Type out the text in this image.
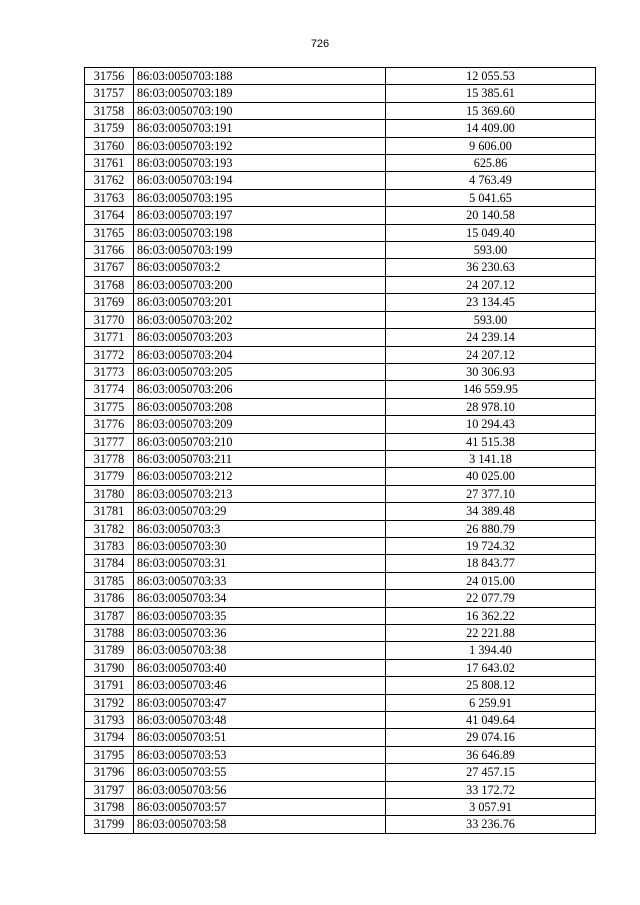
726
31756	86:03:0050703:188	12 055.53
31757	86:03:0050703:189	15 385.61
31758	86:03:0050703:190	15 369.60
31759	86:03:0050703:191	14 409.00
31760	86:03:0050703:192	9 606.00
31761	86:03:0050703:193	625.86
31762	86:03:0050703:194	4 763.49
31763	86:03:0050703:195	5 041.65
31764	86:03:0050703:197	20 140.58
31765	86:03:0050703:198	15 049.40
31766	86:03:0050703:199	593.00
31767	86:03:0050703:2	36 230.63
31768	86:03:0050703:200	24 207.12
31769	86:03:0050703:201	23 134.45
31770	86:03:0050703:202	593.00
31771	86:03:0050703:203	24 239.14
31772	86:03:0050703:204	24 207.12
31773	86:03:0050703:205	30 306.93
31774	86:03:0050703:206	146 559.95
31775	86:03:0050703:208	28 978.10
31776	86:03:0050703:209	10 294.43
31777	86:03:0050703:210	41 515.38
31778	86:03:0050703:211	3 141.18
31779	86:03:0050703:212	40 025.00
31780	86:03:0050703:213	27 377.10
31781	86:03:0050703:29	34 389.48
31782	86:03:0050703:3	26 880.79
31783	86:03:0050703:30	19 724.32
31784	86:03:0050703:31	18 843.77
31785	86:03:0050703:33	24 015.00
31786	86:03:0050703:34	22 077.79
31787	86:03:0050703:35	16 362.22
31788	86:03:0050703:36	22 221.88
31789	86:03:0050703:38	1 394.40
31790	86:03:0050703:40	17 643.02
31791	86:03:0050703:46	25 808.12
31792	86:03:0050703:47	6 259.91
31793	86:03:0050703:48	41 049.64
31794	86:03:0050703:51	29 074.16
31795	86:03:0050703:53	36 646.89
31796	86:03:0050703:55	27 457.15
31797	86:03:0050703:56	33 172.72
31798	86:03:0050703:57	3 057.91
31799	86:03:0050703:58	33 236.76
